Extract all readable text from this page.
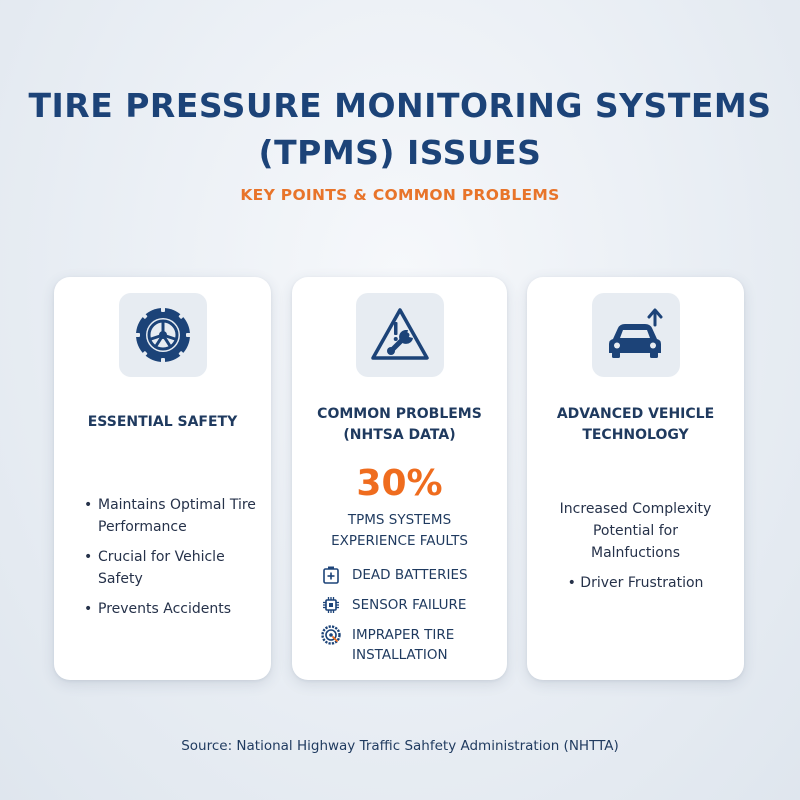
TIRE PRESSURE MONITORING SYSTEMS
(TPMS) ISSUES
KEY POINTS & COMMON PROBLEMS
ESSENTIAL SAFETY
• Maintains Optimal Tire Performance
• Crucial for Vehicle Safety
• Prevents Accidents
COMMON PROBLEMS
(NHTSA DATA)
30%
TPMS SYSTEMS
EXPERIENCE FAULTS
DEAD BATTERIES
SENSOR FAILURE
IMPRAPER TIRE
INSTALLATION
ADVANCED VEHICLE
TECHNOLOGY
Increased Complexity
Potential for
Malnfuctions
• Driver Frustration
Source: National Highway Traffic Sahfety Administration (NHTTA)
